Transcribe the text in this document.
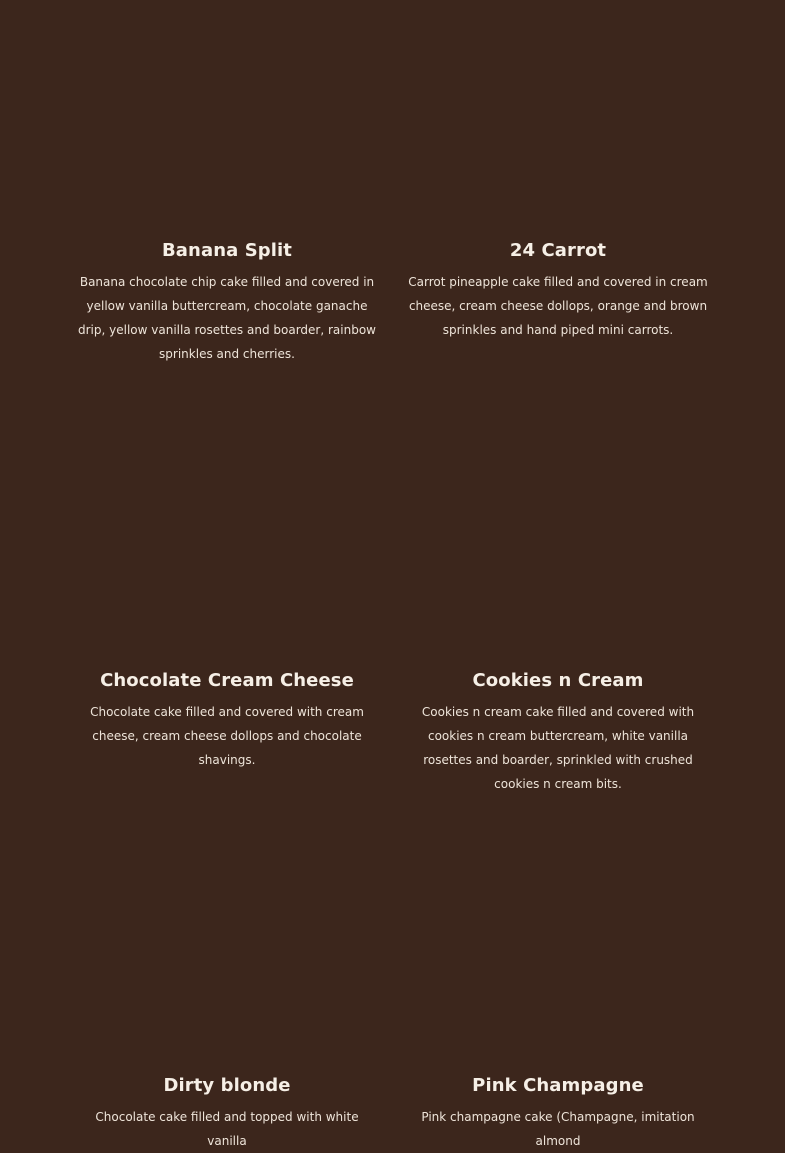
Banana Split

Banana chocolate chip cake filled and covered in yellow vanilla buttercream, chocolate ganache drip, yellow vanilla rosettes and boarder, rainbow sprinkles and cherries.

24 Carrot

Carrot pineapple cake filled and covered in cream cheese, cream cheese dollops, orange and brown sprinkles and hand piped mini carrots.

Chocolate Cream Cheese

Chocolate cake filled and covered with cream cheese, cream cheese dollops and chocolate shavings.

Cookies n Cream

Cookies n cream cake filled and covered with cookies n cream buttercream, white vanilla rosettes and boarder, sprinkled with crushed cookies n cream bits.

Dirty blonde

Chocolate cake filled and topped with white vanilla

Pink Champagne

Pink champagne cake (Champagne, imitation almond
